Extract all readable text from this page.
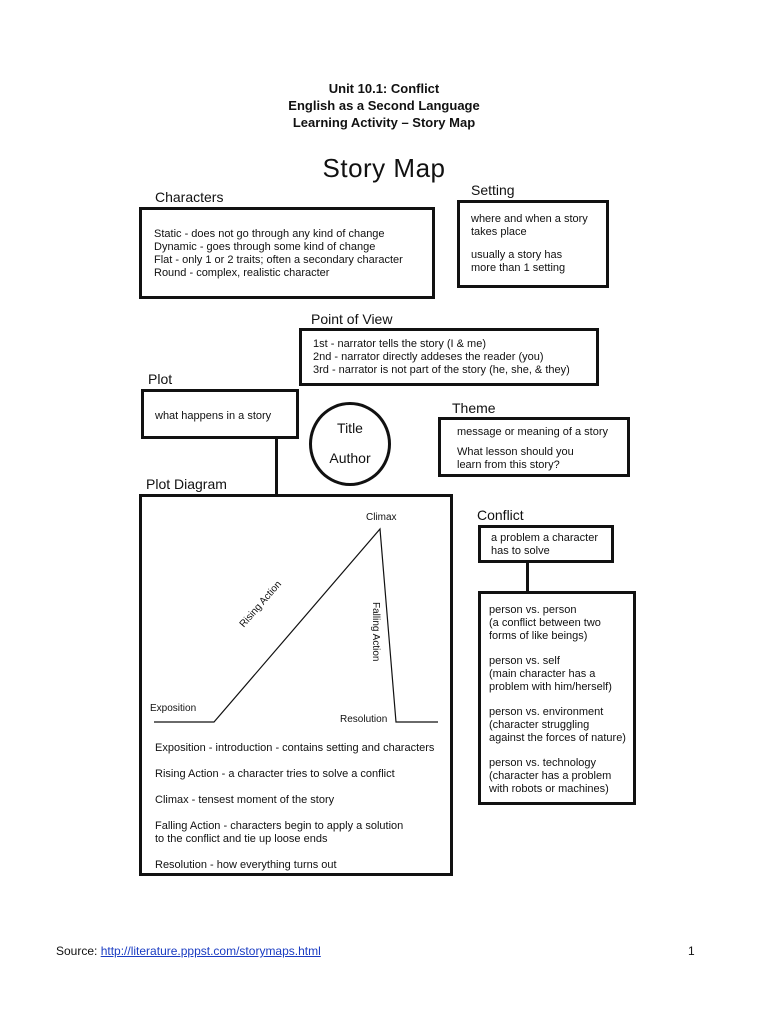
Unit 10.1: Conflict
English as a Second Language
Learning Activity – Story Map
Story Map
Characters
Static - does not go through any kind of change
Dynamic - goes through some kind of change
Flat - only 1 or 2 traits; often a secondary character
Round - complex, realistic character
Setting
where and when a story
takes place
usually a story has
more than 1 setting
Point of View
1st - narrator tells the story (I & me)
2nd - narrator directly addeses the reader (you)
3rd - narrator is not part of the story (he, she, & they)
Plot
what happens in a story
Title
Author
Theme
message or meaning of a story
What lesson should you
learn from this story?
Plot Diagram
Climax
Rising Action	Falling Action
Exposition
Resolution
Exposition - introduction - contains setting and characters
Rising Action - a character tries to solve a conflict
Climax - tensest moment of the story
Falling Action - characters begin to apply a solution
to the conflict and tie up loose ends
Resolution - how everything turns out
Conflict
a problem a character
has to solve
person vs. person
(a conflict between two
forms of like beings)
person vs. self
(main character has a
problem with him/herself)
person vs. environment
(character struggling
against the forces of nature)
person vs. technology
(character has a problem
with robots or machines)
Source: http://literature.pppst.com/storymaps.html	1
